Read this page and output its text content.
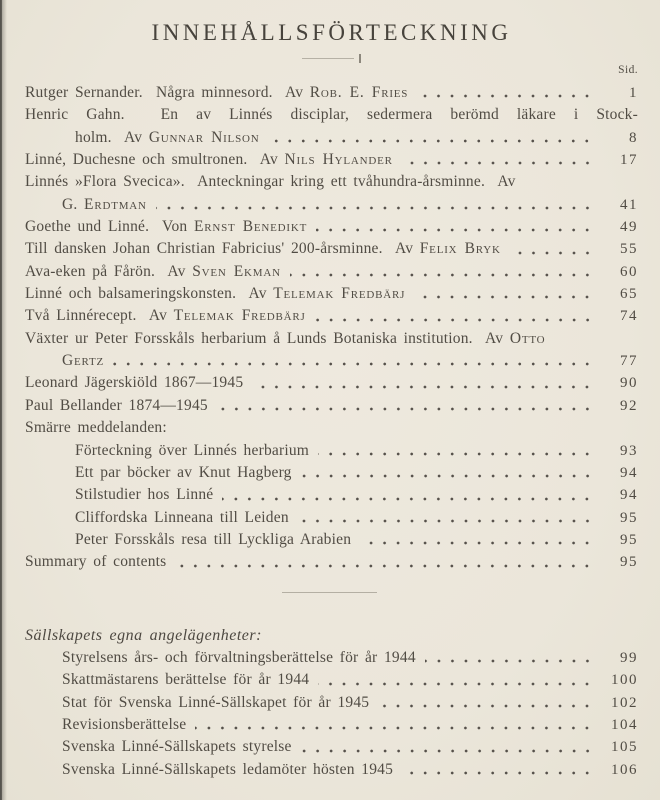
INNEHÅLLSFÖRTECKNING
Sid.
Rutger Sernander.  Några minnesord.  Av Rob. E. Fries	1
Henric Gahn.  En av Linnés disciplar, sedermera berömd läkare i Stock-
holm.  Av Gunnar Nilson	8
Linné, Duchesne och smultronen.  Av Nils Hylander	17
Linnés »Flora Svecica».  Anteckningar kring ett tvåhundra-årsminne.  Av
G. Erdtman	41
Goethe und Linné.  Von Ernst Benedikt	49
Till dansken Johan Christian Fabricius' 200-årsminne.  Av Felix Bryk	55
Ava-eken på Fårön.  Av Sven Ekman	60
Linné och balsameringskonsten.  Av Telemak Fredbärj	65
Två Linnérecept.  Av Telemak Fredbärj	74
Växter ur Peter Forsskåls herbarium å Lunds Botaniska institution.  Av Otto
Gertz	77
Leonard Jägerskiöld 1867—1945	90
Paul Bellander 1874—1945	92
Smärre meddelanden:
Förteckning över Linnés herbarium	93
Ett par böcker av Knut Hagberg	94
Stilstudier hos Linné	94
Cliffordska Linneana till Leiden	95
Peter Forsskåls resa till Lyckliga Arabien	95
Summary of contents	95
Sällskapets egna angelägenheter:
Styrelsens års- och förvaltningsberättelse för år 1944	99
Skattmästarens berättelse för år 1944	100
Stat för Svenska Linné-Sällskapet för år 1945	102
Revisionsberättelse	104
Svenska Linné-Sällskapets styrelse	105
Svenska Linné-Sällskapets ledamöter hösten 1945	106
